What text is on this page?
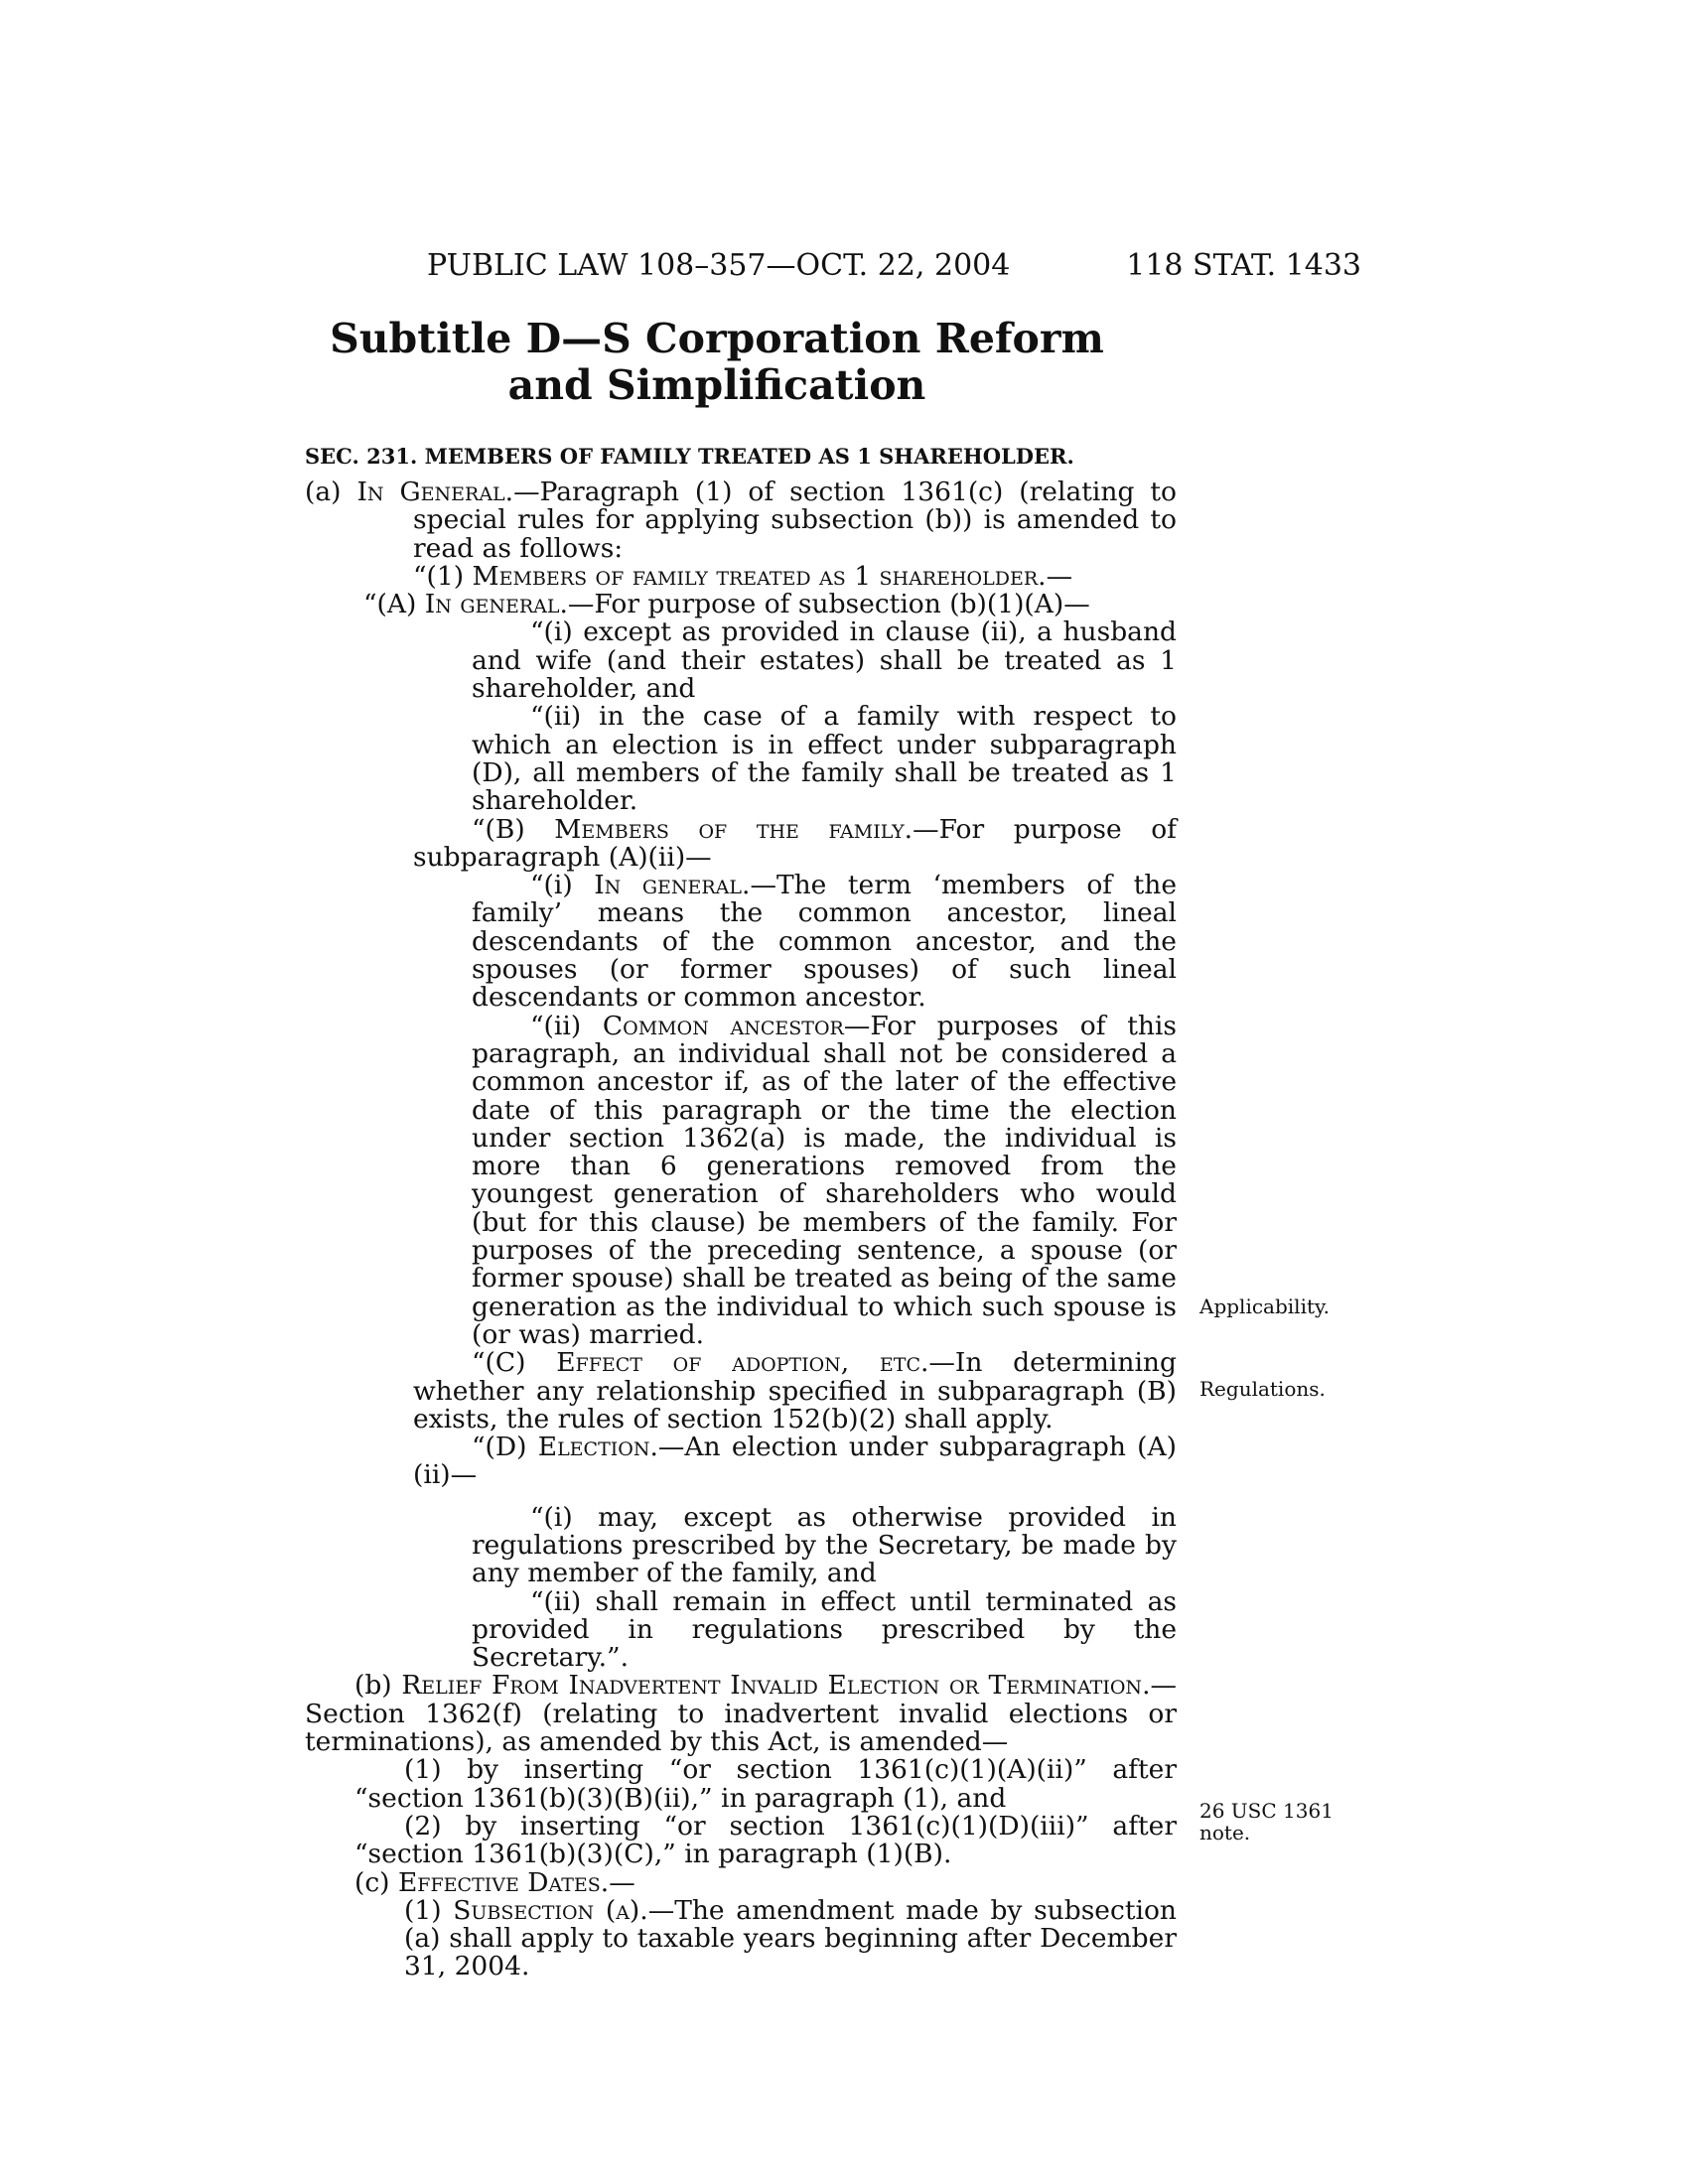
PUBLIC LAW 108–357—OCT. 22, 2004	118 STAT. 1433
Subtitle D—S Corporation Reform and Simplification
SEC. 231. MEMBERS OF FAMILY TREATED AS 1 SHAREHOLDER.

(a) In General.—Paragraph (1) of section 1361(c) (relating to special rules for applying subsection (b)) is amended to read as follows:

“(1) Members of family treated as 1 shareholder.—

“(A) In general.—For purpose of subsection (b)(1)(A)—

“(i) except as provided in clause (ii), a husband and wife (and their estates) shall be treated as 1 shareholder, and

“(ii) in the case of a family with respect to which an election is in effect under subparagraph (D), all members of the family shall be treated as 1 shareholder.

“(B) Members of the family.—For purpose of subparagraph (A)(ii)—

“(i) In general.—The term ‘members of the family’ means the common ancestor, lineal descendants of the common ancestor, and the spouses (or former spouses) of such lineal descendants or common ancestor.

“(ii) Common ancestor—For purposes of this paragraph, an individual shall not be considered a common ancestor if, as of the later of the effective date of this paragraph or the time the election under section 1362(a) is made, the individual is more than 6 generations removed from the youngest generation of shareholders who would (but for this clause) be members of the family. For purposes of the preceding sentence, a spouse (or former spouse) shall be treated as being of the same generation as the individual to which such spouse is (or was) married.

“(C) Effect of adoption, etc.—In determining whether any relationship specified in subparagraph (B) exists, the rules of section 152(b)(2) shall apply.

“(D) Election.—An election under subparagraph (A)(ii)—

“(i) may, except as otherwise provided in regulations prescribed by the Secretary, be made by any member of the family, and

“(ii) shall remain in effect until terminated as provided in regulations prescribed by the Secretary.”.

(b) Relief From Inadvertent Invalid Election or Termination.—Section 1362(f) (relating to inadvertent invalid elections or terminations), as amended by this Act, is amended—

(1) by inserting “or section 1361(c)(1)(A)(ii)” after “section 1361(b)(3)(B)(ii),” in paragraph (1), and

(2) by inserting “or section 1361(c)(1)(D)(iii)” after “section 1361(b)(3)(C),” in paragraph (1)(B).

(c) Effective Dates.—

(1) Subsection (a).—The amendment made by subsection (a) shall apply to taxable years beginning after December 31, 2004.

Applicability.
Regulations.
26 USC 1361
note.
